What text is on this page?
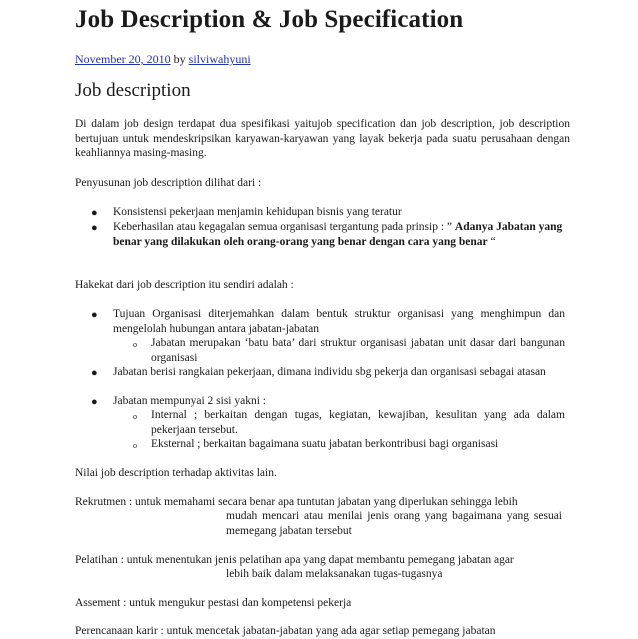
Job Description & Job Specification
November 20, 2010 by silviwahyuni
Job description

Di dalam job design terdapat dua spesifikasi yaitujob specification dan job description, job description bertujuan untuk mendeskripsikan karyawan-karyawan yang layak bekerja pada suatu perusahaan dengan keahliannya masing-masing.

Penyusunan job description dilihat dari :

● Konsistensi pekerjaan menjamin kehidupan bisnis yang teratur

● Keberhasilan atau kegagalan semua organisasi tergantung pada prinsip : ” Adanya Jabatan yang benar yang dilakukan oleh orang-orang yang benar dengan cara yang benar “

Hakekat dari job description itu sendiri adalah :

● Tujuan Organisasi diterjemahkan dalam bentuk struktur organisasi yang menghimpun dan mengelolah hubungan antara jabatan-jabatan

o Jabatan merupakan ‘batu bata’ dari struktur organisasi jabatan unit dasar dari bangunan organisasi

● Jabatan berisi rangkaian pekerjaan, dimana individu sbg pekerja dan organisasi sebagai atasan

● Jabatan mempunyai 2 sisi yakni :

o Internal ; berkaitan dengan tugas, kegiatan, kewajiban, kesulitan yang ada dalam pekerjaan tersebut.

o Eksternal ; berkaitan bagaimana suatu jabatan berkontribusi bagi organisasi

Nilai job description terhadap aktivitas lain.

Rekrutmen : untuk memahami secara benar apa tuntutan jabatan yang diperlukan sehingga lebih
mudah mencari atau menilai jenis orang yang bagaimana yang sesuai memegang jabatan tersebut
Pelatihan : untuk menentukan jenis pelatihan apa yang dapat membantu pemegang jabatan agar
lebih baik dalam melaksanakan tugas-tugasnya
Assement : untuk mengukur pestasi dan kompetensi pekerja
Perencanaan karir : untuk mencetak jabatan-jabatan yang ada agar setiap pemegang jabatan
